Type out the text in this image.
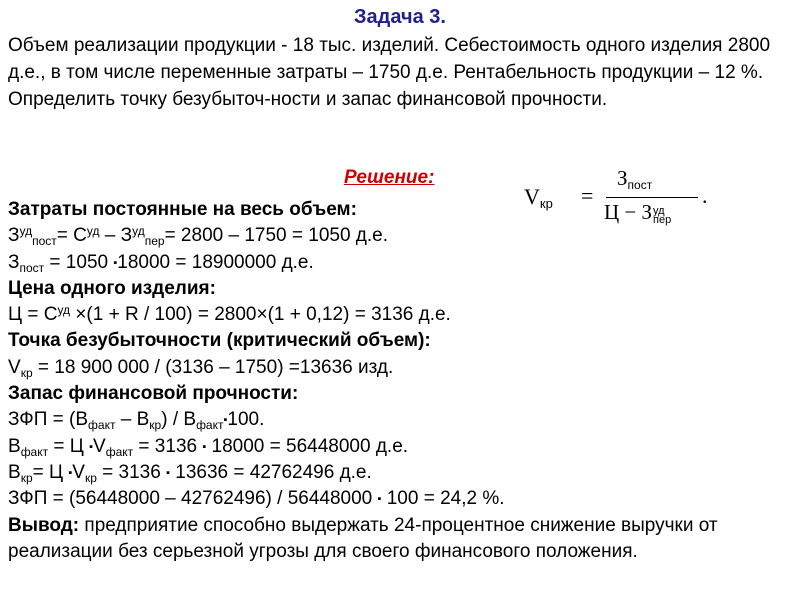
Задача 3.
Объем реализации продукции - 18 тыс. изделий. Себестоимость одного изделия 2800 д.е., в том числе переменные затраты – 1750 д.е. Рентабельность продукции – 12 %. Определить точку безубыточ-ности и запас финансовой прочности.
Решение:
$V_{кр}$ =
$З_{пост}$
Ц − З уд
пер
.
Затраты постоянные на весь объем:
$З^{уд}_{пост}= С^{уд} - З^{уд}_{пер}= 2800 - 1750 = 1050$ д.е.
$З_{пост} = 1050$ ▪18000 = 18900000 д.е.
Цена одного изделия:
$Ц = С^{уд} \times(1 + R / 100) = 2800\times(1 + 0,12) = 3136$ д.е.
Точка безубыточности (критический объем):
$V_{кр} = 18$ 900 000 / (3136 – 1750) =13636 изд.
Запас финансовой прочности:
ЗФП = $(В_{факт} - В_{кр})$ / $В_{факт}▪100$.
$В_{факт} = Ц$ $▪V_{факт} = 3136$ ▪ 18000 = 56448000 д.е.
$В_{кр}= Ц$ $▪V_{кр} = 3136$ ▪ 13636 = 42762496 д.е.
ЗФП = (56448000 – 42762496) / 56448000 ▪ 100 = 24,2 %.
Вывод: предприятие способно выдержать 24-процентное снижение выручки от реализации без серьезной угрозы для своего финансового положения.
